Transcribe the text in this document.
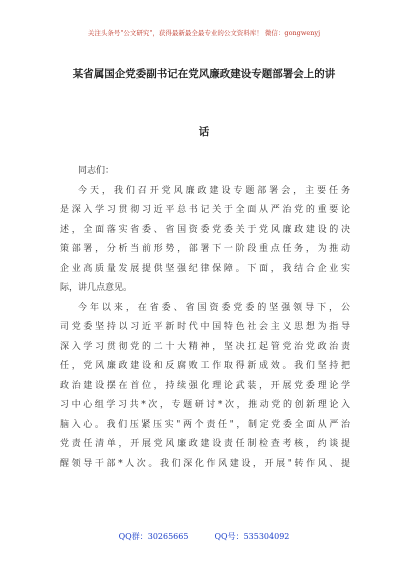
关注头条号"公文研究"，获得最新最全最专业的公文资料库！ 微信：gongwenyj
某省属国企党委副书记在党风廉政建设专题部署会上的讲
话
同志们：
今天，我们召开党风廉政建设专题部署会，主要任务
是深入学习贯彻习近平总书记关于全面从严治党的重要论
述，全面落实省委、省国资委党委关于党风廉政建设的决
策部署，分析当前形势，部署下一阶段重点任务，为推动
企业高质量发展提供坚强纪律保障。下面，我结合企业实
际，讲几点意见。
今年以来，在省委、省国资委党委的坚强领导下，公
司党委坚持以习近平新时代中国特色社会主义思想为指导
深入学习贯彻党的二十大精神，坚决扛起管党治党政治责
任，党风廉政建设和反腐败工作取得新成效。我们坚持把
政治建设摆在首位，持续强化理论武装，开展党委理论学
习中心组学习共*次，专题研讨*次，推动党的创新理论入
脑入心。我们压紧压实"两个责任"，制定党委全面从严治
党责任清单，开展党风廉政建设责任制检查考核，约谈提
醒领导干部*人次。我们深化作风建设，开展"转作风、提
QQ群：30265665	QQ号：535304092
